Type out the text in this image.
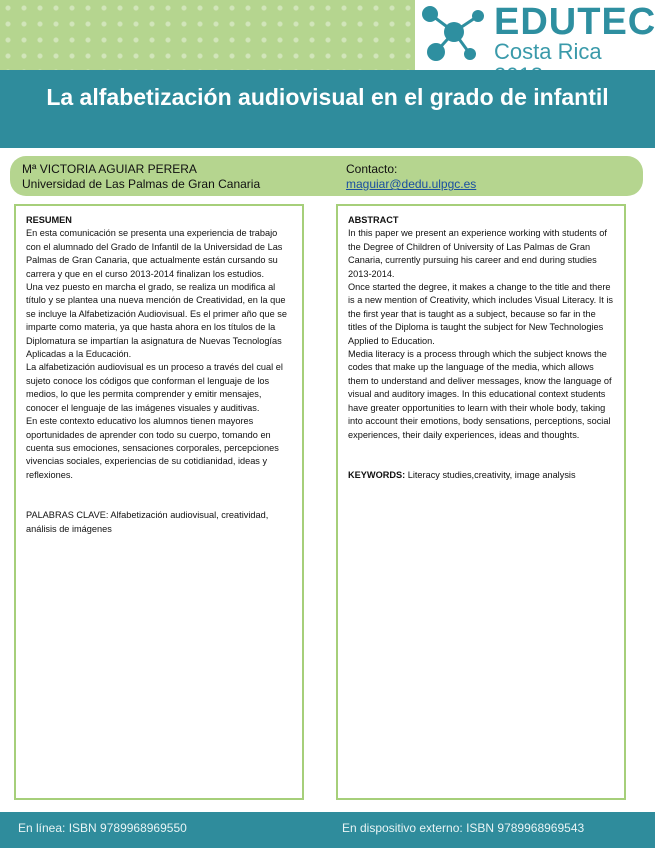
EDUTEC
Costa Rica
La alfabetización audiovisual en el grado de infantil
Mª VICTORIA AGUIAR PERERA
Universidad de Las Palmas de Gran Canaria
Contacto:
maguiar@dedu.ulpgc.es

RESUMEN

En esta comunicación se presenta una experiencia de trabajo con el alumnado del Grado de Infantil de la Universidad de Las Palmas de Gran Canaria, que actualmente están cursando su carrera y que en el curso 2013-2014 finalizan los estudios.

Una vez puesto en marcha el grado, se realiza un modifica al título y se plantea una nueva mención de Creatividad, en la que se incluye la Alfabetización Audiovisual. Es el primer año que se imparte como materia, ya que hasta ahora en los títulos de la Diplomatura se impartían la asignatura de Nuevas Tecnologías Aplicadas a la Educación.

La alfabetización audiovisual es un proceso a través del cual el sujeto conoce los códigos que conforman el lenguaje de los medios, lo que les permita comprender y emitir mensajes, conocer el lenguaje de las imágenes visuales y auditivas.

En este contexto educativo los alumnos tienen mayores oportunidades de aprender con todo su cuerpo, tomando en cuenta sus emociones, sensaciones corporales, percepciones vivencias sociales, experiencias de su cotidianidad, ideas y reflexiones.

PALABRAS CLAVE: Alfabetización audiovisual, creatividad, análisis de imágenes

ABSTRACT

In this paper we present an experience working with students of the Degree of Children of University of Las Palmas de Gran Canaria, currently pursuing his career and end during studies 2013-2014.

Once started the degree, it makes a change to the title and there is a new mention of Creativity, which includes Visual Literacy. It is the first year that is taught as a subject, because so far in the titles of the Diploma is taught the subject for New Technologies Applied to Education.

Media literacy is a process through which the subject knows the codes that make up the language of the media, which allows them to understand and deliver messages, know the language of visual and auditory images. In this educational context students have greater opportunities to learn with their whole body, taking into account their emotions, body sensations, perceptions, social experiences, their daily experiences, ideas and thoughts.

KEYWORDS: Literacy studies,creativity, image analysis

En línea: ISBN 9789968969550	En dispositivo externo: ISBN 9789968969543
